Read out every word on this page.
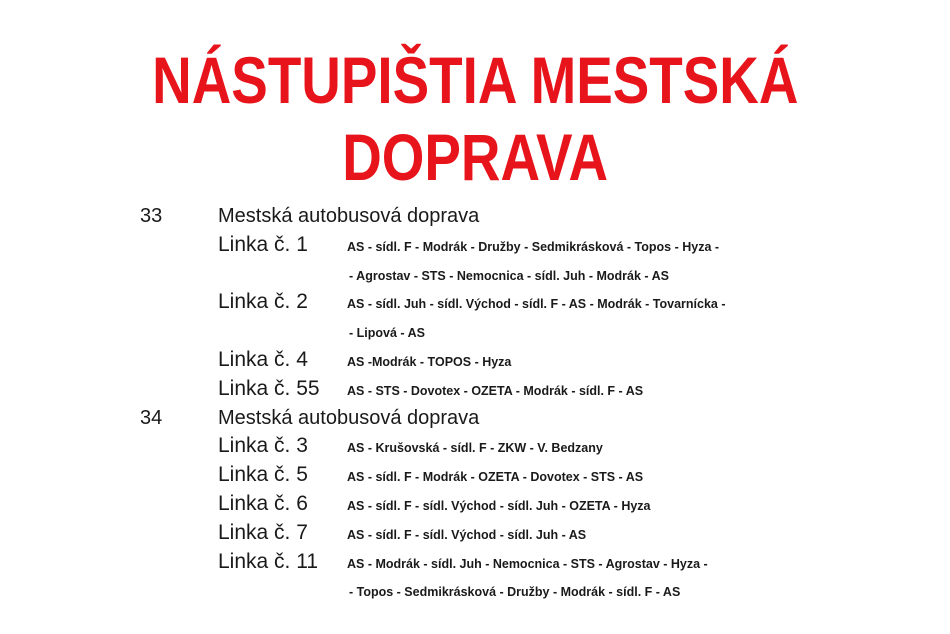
NÁSTUPIŠTIA MESTSKÁ
DOPRAVA
33	Mestská autobusová doprava
Linka č. 1	AS - sídl. F - Modrák - Družby - Sedmikrásková - Topos - Hyza -
- Agrostav - STS - Nemocnica - sídl. Juh - Modrák - AS
Linka č. 2	AS - sídl. Juh - sídl. Východ - sídl. F - AS - Modrák - Tovarnícka -
- Lipová - AS
Linka č. 4	AS -Modrák - TOPOS - Hyza
Linka č. 55 AS - STS - Dovotex - OZETA - Modrák - sídl. F - AS
34	Mestská autobusová doprava
Linka č. 3	AS - Krušovská - sídl. F - ZKW - V. Bedzany
Linka č. 5	AS - sídl. F - Modrák - OZETA - Dovotex - STS - AS
Linka č. 6	AS - sídl. F - sídl. Východ - sídl. Juh - OZETA - Hyza
Linka č. 7	AS - sídl. F - sídl. Východ - sídl. Juh - AS
Linka č. 11 AS - Modrák - sídl. Juh - Nemocnica - STS - Agrostav - Hyza -
- Topos - Sedmikrásková - Družby - Modrák - sídl. F - AS
